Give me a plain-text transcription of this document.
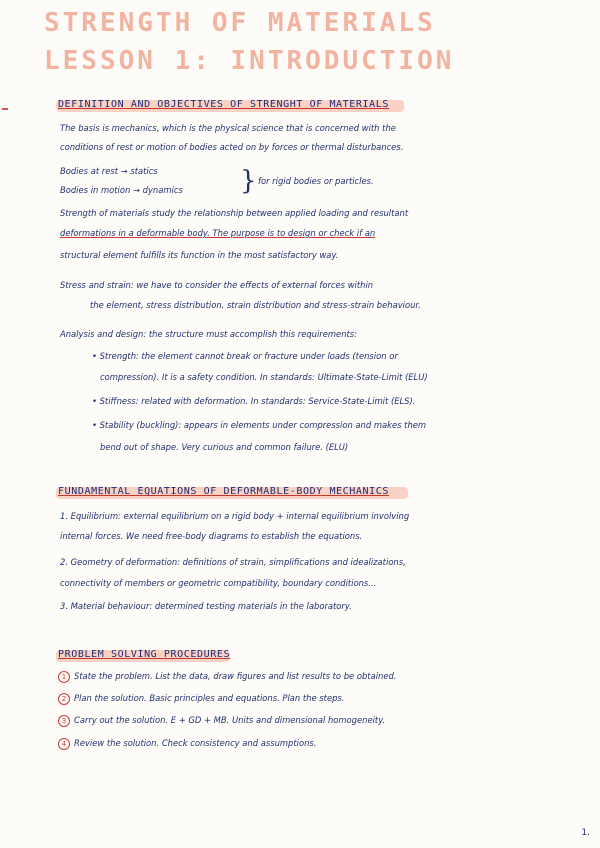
STRENGTH OF MATERIALS
LESSON 1: INTRODUCTION
DEFINITION AND OBJECTIVES OF STRENGHT OF MATERIALS
The basis is mechanics, which is the physical science that is concerned with the
conditions of rest or motion of bodies acted on by forces or thermal disturbances.
Bodies at rest → statics
Bodies in motion → dynamics } for rigid bodies or particles.
Strength of materials study the relationship between applied loading and resultant
deformations in a deformable body. The purpose is to design or check if an
structural element fulfills its function in the most satisfactory way.
Stress and strain: we have to consider the effects of external forces within
the element, stress distribution, strain distribution and stress-strain behaviour.
Analysis and design: the structure must accomplish this requirements:
• Strength: the element cannot break or fracture under loads (tension or
compression). It is a safety condition. In standards: Ultimate-State-Limit (ELU)
• Stiffness: related with deformation. In standards: Service-State-Limit (ELS).
• Stability (buckling): appears in elements under compression and makes them
bend out of shape. Very curious and common failure. (ELU)
FUNDAMENTAL EQUATIONS OF DEFORMABLE-BODY MECHANICS
1. Equilibrium: external equilibrium on a rigid body + internal equilibrium involving
internal forces. We need free-body diagrams to establish the equations.
2. Geometry of deformation: definitions of strain, simplifications and idealizations,
connectivity of members or geometric compatibility, boundary conditions...
3. Material behaviour: determined testing materials in the laboratory.
PROBLEM SOLVING PROCEDURES
1 State the problem. List the data, draw figures and list results to be obtained.
2 Plan the solution. Basic principles and equations. Plan the steps.
3 Carry out the solution. E + GD + MB. Units and dimensional homogeneity.
4 Review the solution. Check consistency and assumptions.
1.
